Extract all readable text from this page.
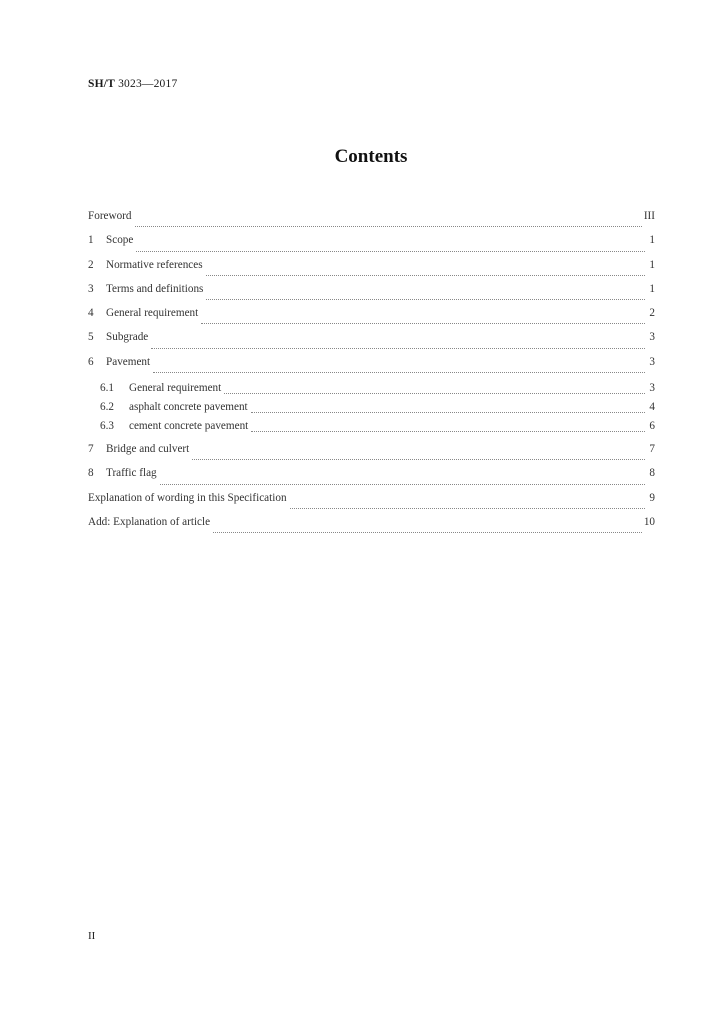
SH/T 3023—2017
Contents
Foreword	III
1	Scope	1
2	Normative references	1
3	Terms and definitions	1
4	General requirement	2
5	Subgrade	3
6	Pavement	3
6.1	General requirement	3
6.2	asphalt concrete pavement	4
6.3	cement concrete pavement	6
7	Bridge and culvert	7
8	Traffic flag	8
Explanation of wording in this Specification	9
Add: Explanation of article	10
II
